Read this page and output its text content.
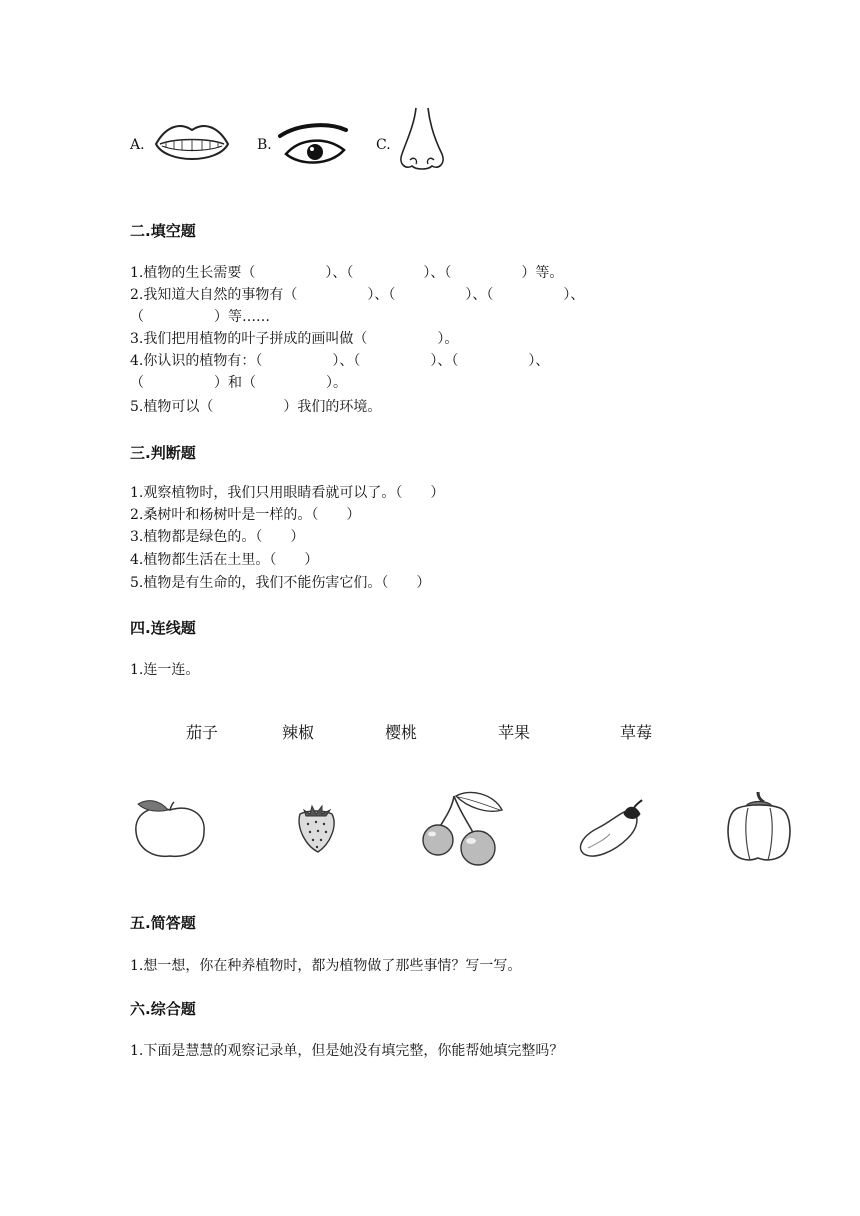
A.	B.	C.
二.填空题
1.植物的生长需要（　　　　　）、（　　　　　）、（　　　　　）等。
2.我知道大自然的事物有（　　　　　）、（　　　　　）、（　　　　　）、
（　　　　　）等……
3.我们把用植物的叶子拼成的画叫做（　　　　　）。
4.你认识的植物有：（　　　　　）、（　　　　　）、（　　　　　）、
（　　　　　）和（　　　　　）。
5.植物可以（　　　　　）我们的环境。
三.判断题
1.观察植物时，我们只用眼睛看就可以了。（　　）
2.桑树叶和杨树叶是一样的。（　　）
3.植物都是绿色的。（　　）
4.植物都生活在土里。（　　）
5.植物是有生命的，我们不能伤害它们。（　　）
四.连线题
1.连一连。
茄子	辣椒	樱桃	苹果	草莓
五.简答题
1.想一想，你在种养植物时，都为植物做了那些事情？写一写。
六.综合题
1.下面是慧慧的观察记录单，但是她没有填完整，你能帮她填完整吗？
